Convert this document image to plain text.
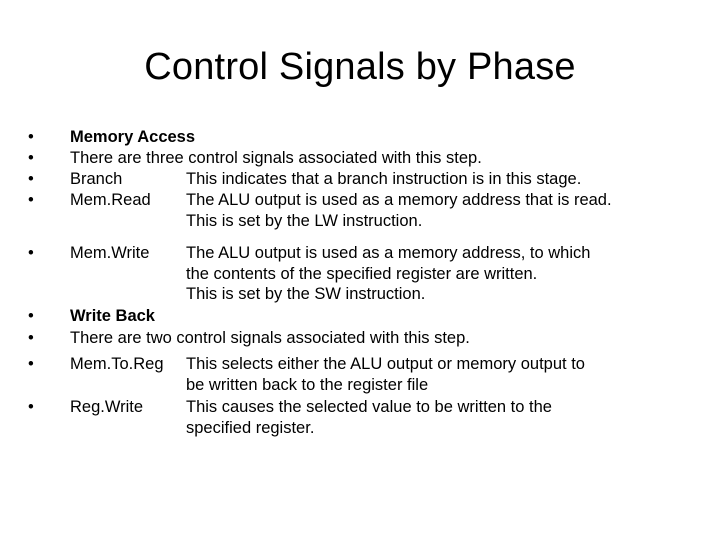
Control Signals by Phase
•	Memory Access
•	There are three control signals associated with this step.
•	Branch	This indicates that a branch instruction is in this stage.
•	Mem.Read The ALU output is used as a memory address that is read.
This is set by the LW instruction.
•	Mem.Write The ALU output is used as a memory address, to which
the contents of the specified register are written.
This is set by the SW instruction.
•	Write Back
•	There are two control signals associated with this step.
•	Mem.To.Reg This selects either the ALU output or memory output to
be written back to the register file
•	Reg.Write	This causes the selected value to be written to the
specified register.
